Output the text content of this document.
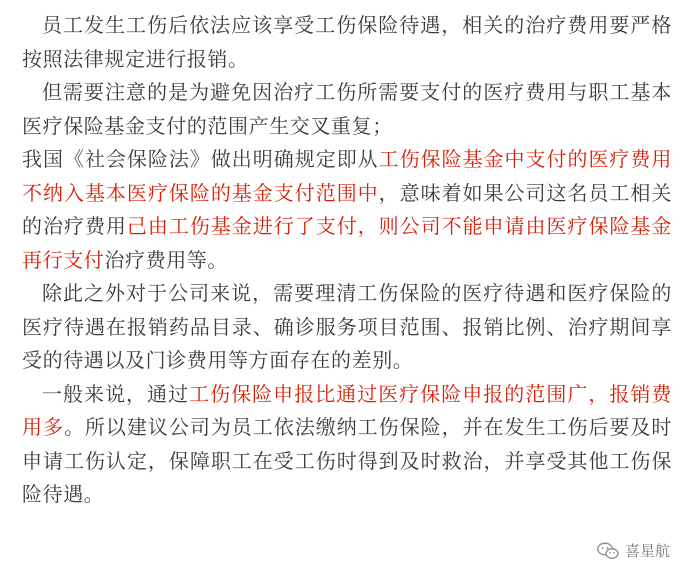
员工发生工伤后依法应该享受工伤保险待遇，相关的治疗费用要严格按照法律规定进行报销。

但需要注意的是为避免因治疗工伤所需要支付的医疗费用与职工基本医疗保险基金支付的范围产生交叉重复；

我国《社会保险法》做出明确规定即从工伤保险基金中支付的医疗费用不纳入基本医疗保险的基金支付范围中，意味着如果公司这名员工相关的治疗费用己由工伤基金进行了支付，则公司不能申请由医疗保险基金再行支付治疗费用等。

除此之外对于公司来说，需要理清工伤保险的医疗待遇和医疗保险的医疗待遇在报销药品目录、确诊服务项目范围、报销比例、治疗期间享受的待遇以及门诊费用等方面存在的差别。

一般来说，通过工伤保险申报比通过医疗保险申报的范围广，报销费用多。所以建议公司为员工依法缴纳工伤保险，并在发生工伤后要及时申请工伤认定，保障职工在受工伤时得到及时救治，并享受其他工伤保险待遇。

喜星航
